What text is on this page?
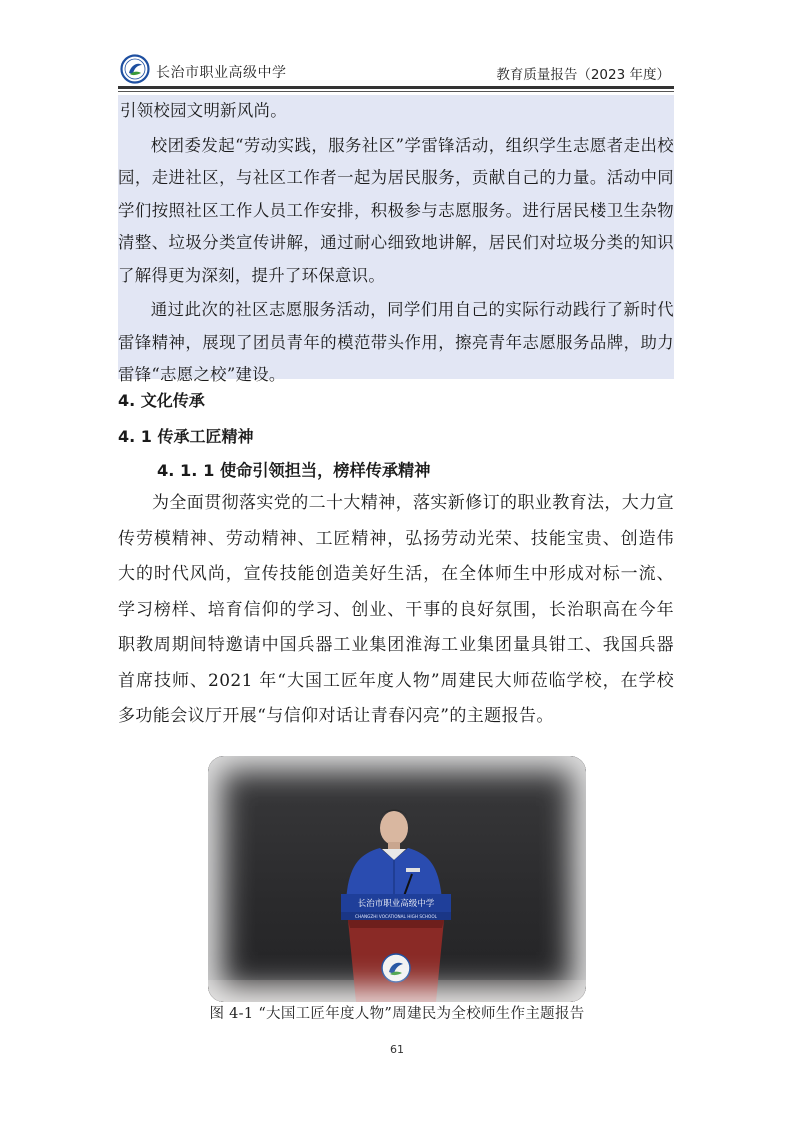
长治市职业高级中学	教育质量报告（2023 年度）

引领校园文明新风尚。

校团委发起“劳动实践，服务社区”学雷锋活动，组织学生志愿者走出校园，走进社区，与社区工作者一起为居民服务，贡献自己的力量。活动中同学们按照社区工作人员工作安排，积极参与志愿服务。进行居民楼卫生杂物清整、垃圾分类宣传讲解，通过耐心细致地讲解，居民们对垃圾分类的知识了解得更为深刻，提升了环保意识。

通过此次的社区志愿服务活动，同学们用自己的实际行动践行了新时代雷锋精神，展现了团员青年的模范带头作用，擦亮青年志愿服务品牌，助力雷锋“志愿之校”建设。

4. 文化传承
4. 1 传承工匠精神
4. 1. 1 使命引领担当，榜样传承精神

为全面贯彻落实党的二十大精神，落实新修订的职业教育法，大力宣传劳模精神、劳动精神、工匠精神，弘扬劳动光荣、技能宝贵、创造伟大的时代风尚，宣传技能创造美好生活，在全体师生中形成对标一流、学习榜样、培育信仰的学习、创业、干事的良好氛围，长治职高在今年职教周期间特邀请中国兵器工业集团淮海工业集团量具钳工、我国兵器首席技师、2021 年“大国工匠年度人物”周建民大师莅临学校，在学校多功能会议厅开展“与信仰对话让青春闪亮”的主题报告。

长治市职业高级中学
CHANGZHI VOCATIONAL HIGH SCHOOL

图 4-1 “大国工匠年度人物”周建民为全校师生作主题报告

61
